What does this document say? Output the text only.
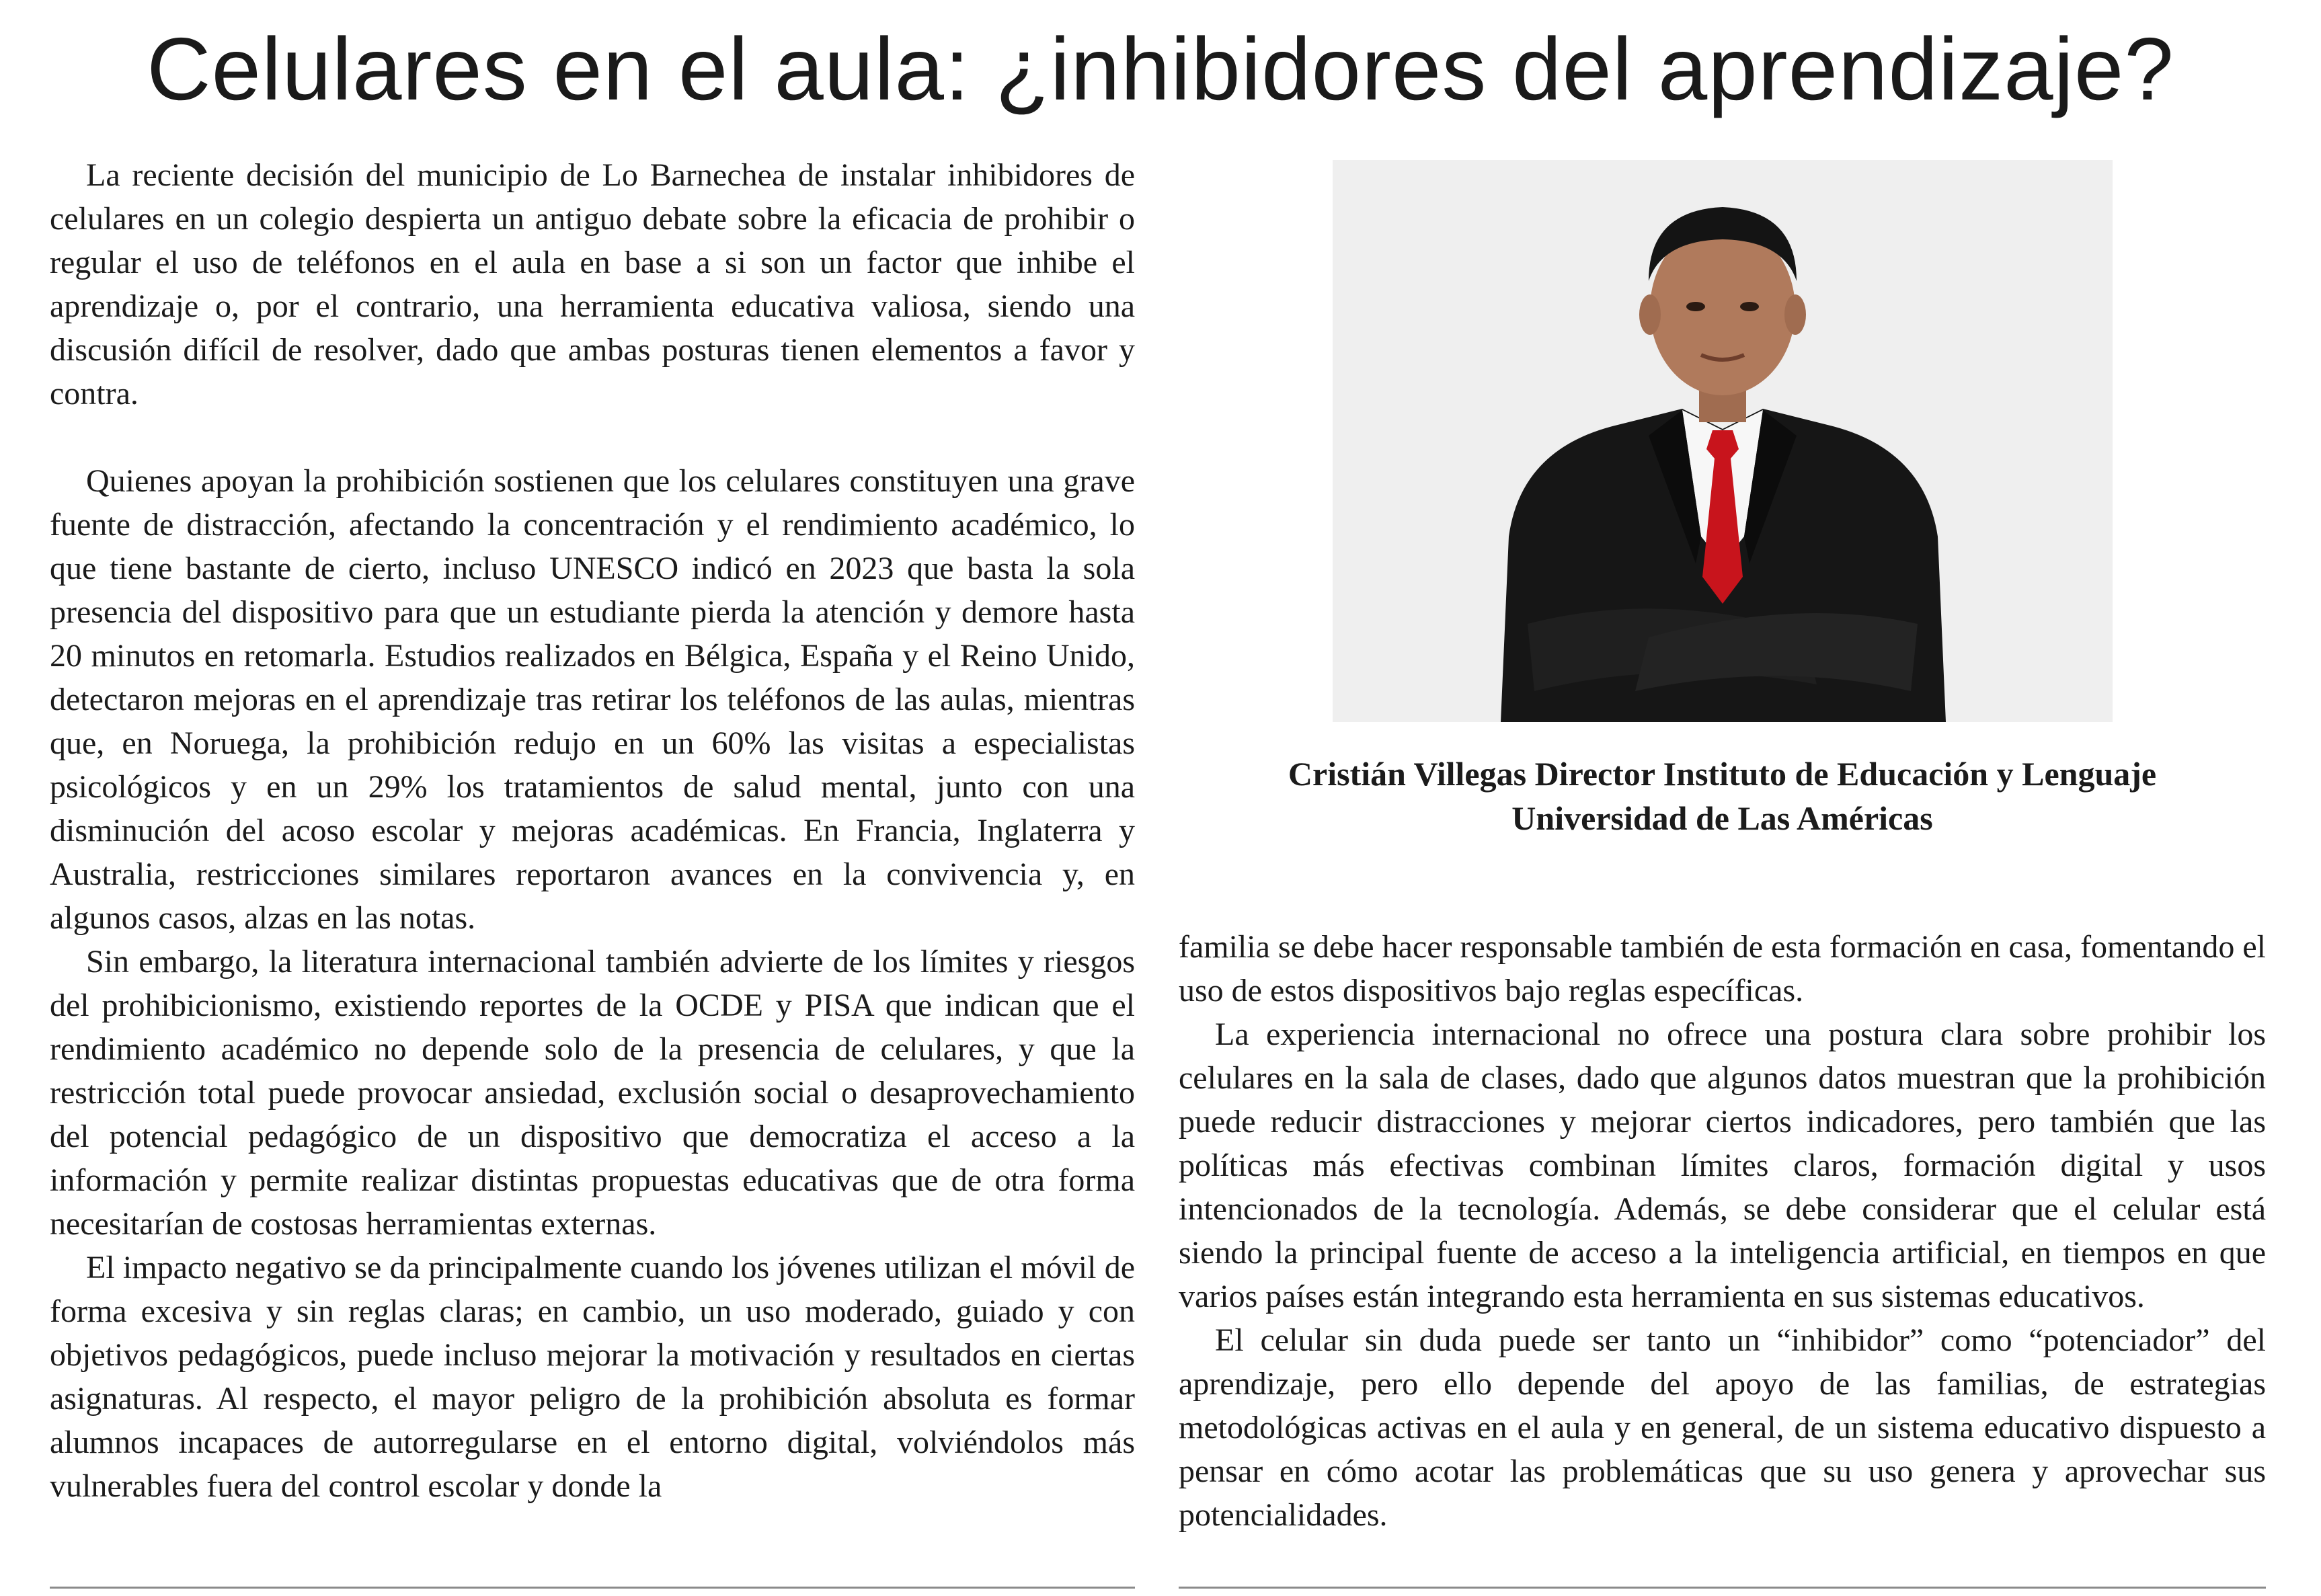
Celulares en el aula: ¿inhibidores del aprendizaje?

La reciente decisión del municipio de Lo Barnechea de instalar inhibidores de celulares en un colegio despierta un antiguo debate sobre la eficacia de prohibir o regular el uso de teléfonos en el aula en base a si son un factor que inhibe el aprendizaje o, por el contrario, una herramienta educativa valiosa, siendo una discusión difícil de resolver, dado que ambas posturas tienen elementos a favor y contra.

Quienes apoyan la prohibición sostienen que los celulares constituyen una grave fuente de distracción, afectando la concentración y el rendimiento académico, lo que tiene bastante de cierto, incluso UNESCO indicó en 2023 que basta la sola presencia del dispositivo para que un estudiante pierda la atención y demore hasta 20 minutos en retomarla. Estudios realizados en Bélgica, España y el Reino Unido, detectaron mejoras en el aprendizaje tras retirar los teléfonos de las aulas, mientras que, en Noruega, la prohibición redujo en un 60% las visitas a especialistas psicológicos y en un 29% los tratamientos de salud mental, junto con una disminución del acoso escolar y mejoras académicas. En Francia, Inglaterra y Australia, restricciones similares reportaron avances en la convivencia y, en algunos casos, alzas en las notas.

Sin embargo, la literatura internacional también advierte de los límites y riesgos del prohibicionismo, existiendo reportes de la OCDE y PISA que indican que el rendimiento académico no depende solo de la presencia de celulares, y que la restricción total puede provocar ansiedad, exclusión social o desaprovechamiento del potencial pedagógico de un dispositivo que democratiza el acceso a la información y permite realizar distintas propuestas educativas que de otra forma necesitarían de costosas herramientas externas.

El impacto negativo se da principalmente cuando los jóvenes utilizan el móvil de forma excesiva y sin reglas claras; en cambio, un uso moderado, guiado y con objetivos pedagógicos, puede incluso mejorar la motivación y resultados en ciertas asignaturas. Al respecto, el mayor peligro de la prohibición absoluta es formar alumnos incapaces de autorregularse en el entorno digital, volviéndolos más vulnerables fuera del control escolar y donde la

Cristián Villegas Director Instituto de Educación y Lenguaje
Universidad de Las Américas

familia se debe hacer responsable también de esta formación en casa, fomentando el uso de estos dispositivos bajo reglas específicas.

La experiencia internacional no ofrece una postura clara sobre prohibir los celulares en la sala de clases, dado que algunos datos muestran que la prohibición puede reducir distracciones y mejorar ciertos indicadores, pero también que las políticas más efectivas combinan límites claros, formación digital y usos intencionados de la tecnología. Además, se debe considerar que el celular está siendo la principal fuente de acceso a la inteligencia artificial, en tiempos en que varios países están integrando esta herramienta en sus sistemas educativos.

El celular sin duda puede ser tanto un “inhibidor” como “potenciador” del aprendizaje, pero ello depende del apoyo de las familias, de estrategias metodológicas activas en el aula y en general, de un sistema educativo dispuesto a pensar en cómo acotar las problemáticas que su uso genera y aprovechar sus potencialidades.
